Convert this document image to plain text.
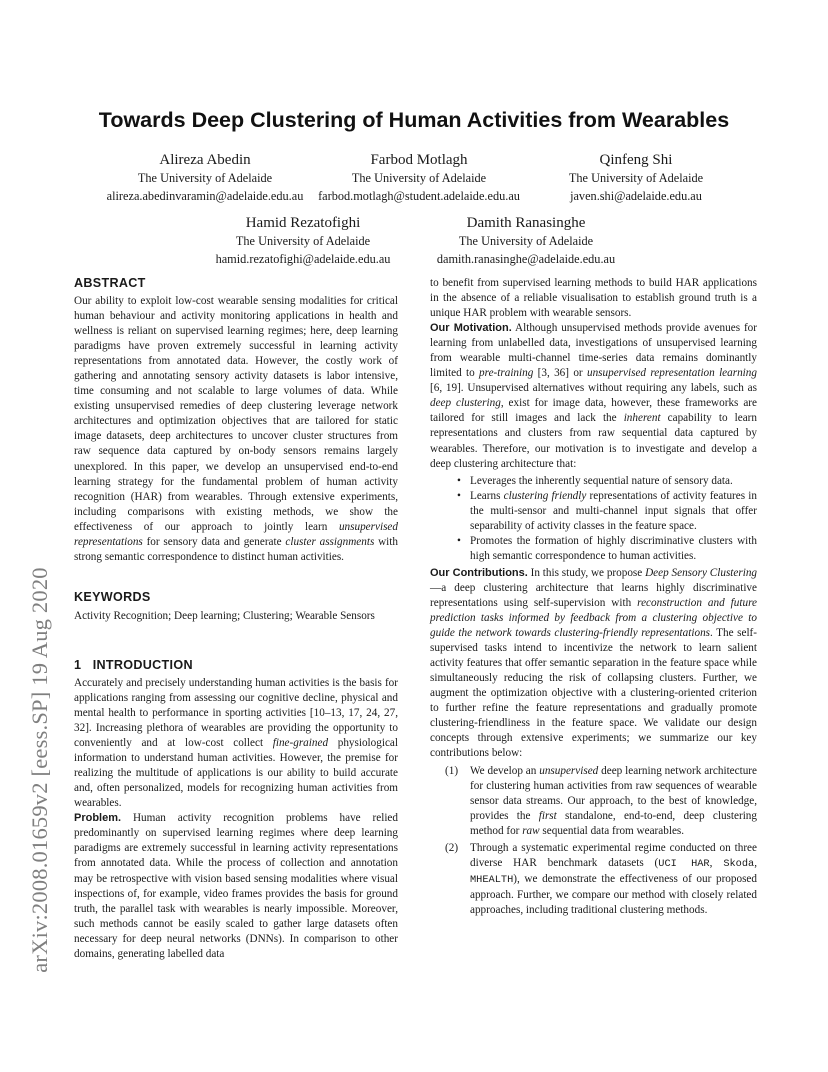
arXiv:2008.01659v2 [eess.SP] 19 Aug 2020
Towards Deep Clustering of Human Activities from Wearables
Alireza Abedin
The University of Adelaide
alireza.abedinvaramin@adelaide.edu.au
Farbod Motlagh
The University of Adelaide
farbod.motlagh@student.adelaide.edu.au
Qinfeng Shi
The University of Adelaide
javen.shi@adelaide.edu.au
Hamid Rezatofighi
The University of Adelaide
hamid.rezatofighi@adelaide.edu.au
Damith Ranasinghe
The University of Adelaide
damith.ranasinghe@adelaide.edu.au
ABSTRACT

Our ability to exploit low-cost wearable sensing modalities for critical human behaviour and activity monitoring applications in health and wellness is reliant on supervised learning regimes; here, deep learning paradigms have proven extremely successful in learning activity representations from annotated data. However, the costly work of gathering and annotating sensory activity datasets is labor intensive, time consuming and not scalable to large volumes of data. While existing unsupervised remedies of deep clustering leverage network architectures and optimization objectives that are tailored for static image datasets, deep architectures to uncover cluster structures from raw sequence data captured by on-body sensors remains largely unexplored. In this paper, we develop an unsupervised end-to-end learning strategy for the fundamental problem of human activity recognition (HAR) from wearables. Through extensive experiments, including comparisons with existing methods, we show the effectiveness of our approach to jointly learn unsupervised representations for sensory data and generate cluster assignments with strong semantic correspondence to distinct human activities.

KEYWORDS

Activity Recognition; Deep learning; Clustering; Wearable Sensors

1   INTRODUCTION

Accurately and precisely understanding human activities is the basis for applications ranging from assessing our cognitive decline, physical and mental health to performance in sporting activities [10–13, 17, 24, 27, 32]. Increasing plethora of wearables are providing the opportunity to conveniently and at low-cost collect fine-grained physiological information to understand human activities. However, the premise for realizing the multitude of applications is our ability to build accurate and, often personalized, models for recognizing human activities from wearables.

Problem. Human activity recognition problems have relied predominantly on supervised learning regimes where deep learning paradigms are extremely successful in learning activity representations from annotated data. While the process of collection and annotation may be retrospective with vision based sensing modalities where visual inspections of, for example, video frames provides the basis for ground truth, the parallel task with wearables is nearly impossible. Moreover, such methods cannot be easily scaled to gather large datasets often necessary for deep neural networks (DNNs). In comparison to other domains, generating labelled data

to benefit from supervised learning methods to build HAR applications in the absence of a reliable visualisation to establish ground truth is a unique HAR problem with wearable sensors.

Our Motivation. Although unsupervised methods provide avenues for learning from unlabelled data, investigations of unsupervised learning from wearable multi-channel time-series data remains dominantly limited to pre-training [3, 36] or unsupervised representation learning [6, 19]. Unsupervised alternatives without requiring any labels, such as deep clustering, exist for image data, however, these frameworks are tailored for still images and lack the inherent capability to learn representations and clusters from raw sequential data captured by wearables. Therefore, our motivation is to investigate and develop a deep clustering architecture that:

• Leverages the inherently sequential nature of sensory data.
• Learns clustering friendly representations of activity features in the multi-sensor and multi-channel input signals that offer separability of activity classes in the feature space.
• Promotes the formation of highly discriminative clusters with high semantic correspondence to human activities.

Our Contributions. In this study, we propose Deep Sensory Clustering—a deep clustering architecture that learns highly discriminative representations using self-supervision with reconstruction and future prediction tasks informed by feedback from a clustering objective to guide the network towards clustering-friendly representations. The self-supervised tasks intend to incentivize the network to learn salient activity features that offer semantic separation in the feature space while simultaneously reducing the risk of collapsing clusters. Further, we augment the optimization objective with a clustering-oriented criterion to further refine the feature representations and gradually promote clustering-friendliness in the feature space. We validate our design concepts through extensive experiments; we summarize our key contributions below:

(1) We develop an unsupervised deep learning network architecture for clustering human activities from raw sequences of wearable sensor data streams. Our approach, to the best of knowledge, provides the first standalone, end-to-end, deep clustering method for raw sequential data from wearables.
(2) Through a systematic experimental regime conducted on three diverse HAR benchmark datasets (UCI HAR, Skoda, MHEALTH), we demonstrate the effectiveness of our proposed approach. Further, we compare our method with closely related approaches, including traditional clustering methods.
